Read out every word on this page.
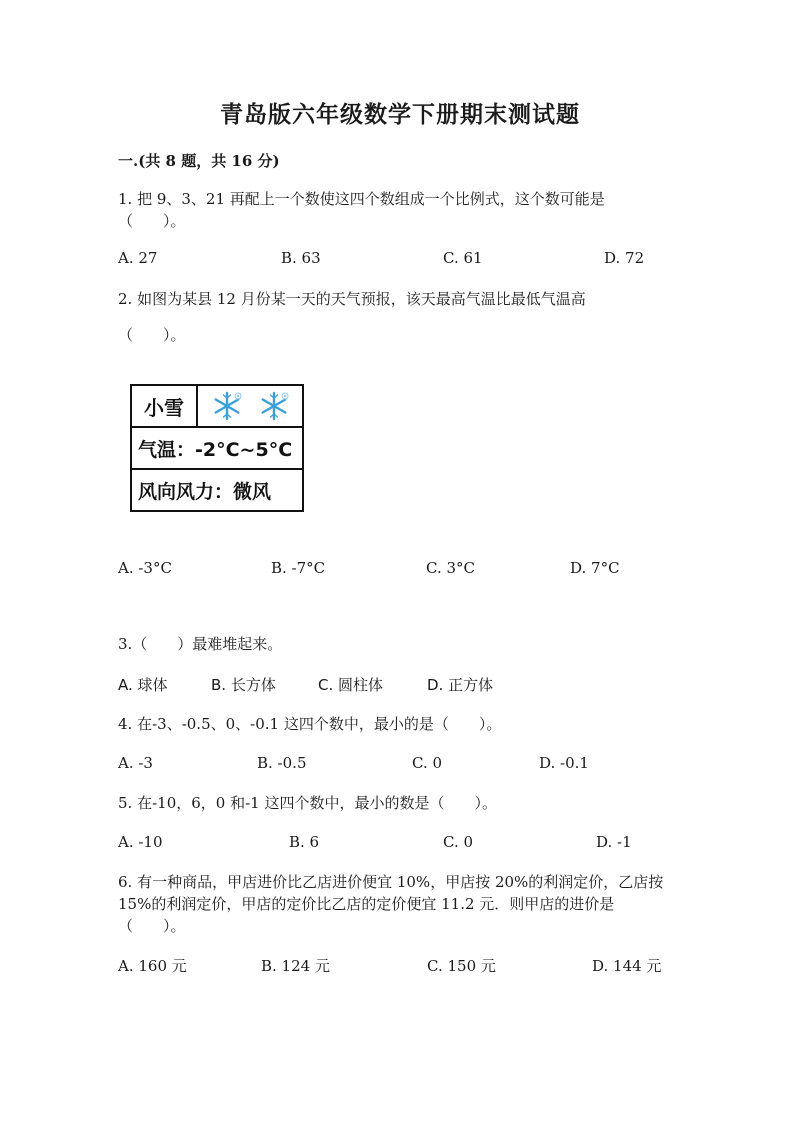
青岛版六年级数学下册期末测试题
一.(共 8 题，共 16 分)
1. 把 9、3、21 再配上一个数使这四个数组成一个比例式，这个数可能是
（　　）。
A. 27	B. 63	C. 61	D. 72
2. 如图为某县 12 月份某一天的天气预报，该天最高气温比最低气温高
（　　）。
小雪
气温：-2°C~5°C
风向风力：微风
A. -3°C	B. -7°C	C. 3°C	D. 7°C
3.（　　）最难堆起来。
A. 球体	B. 长方体	C. 圆柱体	D. 正方体
4. 在-3、-0.5、0、-0.1 这四个数中，最小的是（　　）。
A. -3	B. -0.5	C. 0	D. -0.1
5. 在-10，6，0 和-1 这四个数中，最小的数是（　　）。
A. -10	B. 6	C. 0	D. -1
6. 有一种商品，甲店进价比乙店进价便宜 10%，甲店按 20%的利润定价，乙店按
15%的利润定价，甲店的定价比乙店的定价便宜 11.2 元．则甲店的进价是
（　　）。
A. 160 元	B. 124 元	C. 150 元	D. 144 元
